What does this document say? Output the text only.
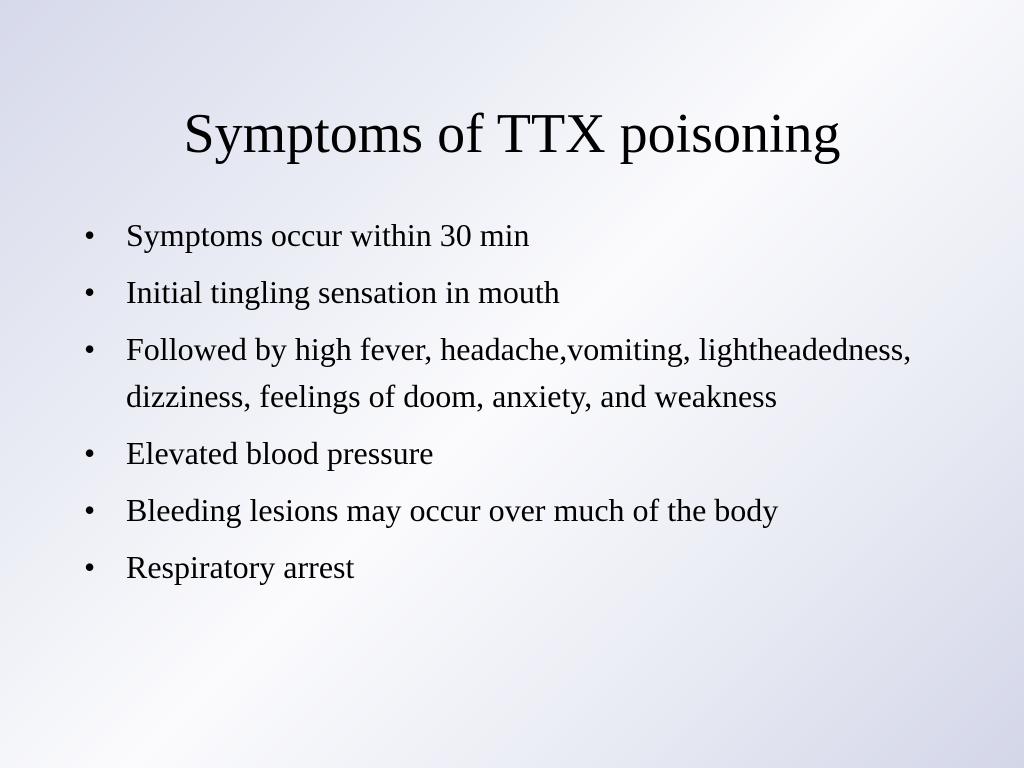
Symptoms of TTX poisoning
• Symptoms occur within 30 min
• Initial tingling sensation in mouth
• Followed by high fever, headache,vomiting, lightheadedness, dizziness, feelings of doom, anxiety, and weakness
• Elevated blood pressure
• Bleeding lesions may occur over much of the body
• Respiratory arrest
